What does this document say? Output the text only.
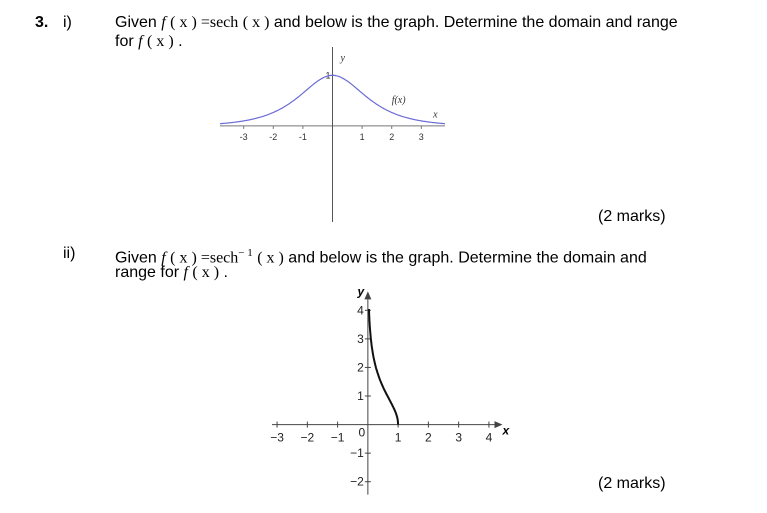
3. i)	Given f ( x ) =sech ( x ) and below is the graph. Determine the domain and range
for f ( x ) .
-3 -2 -1	1	2	3
1
y
x
f(x)
(2 marks)
ii) Given f ( x ) =sech$^{- 1}$ ( x ) and below is the graph. Determine the domain and
range for f ( x ) .
−3 −2 −1 0 1 2 3 4
4
3
2
1
−1
−2
y
x
(2 marks)
